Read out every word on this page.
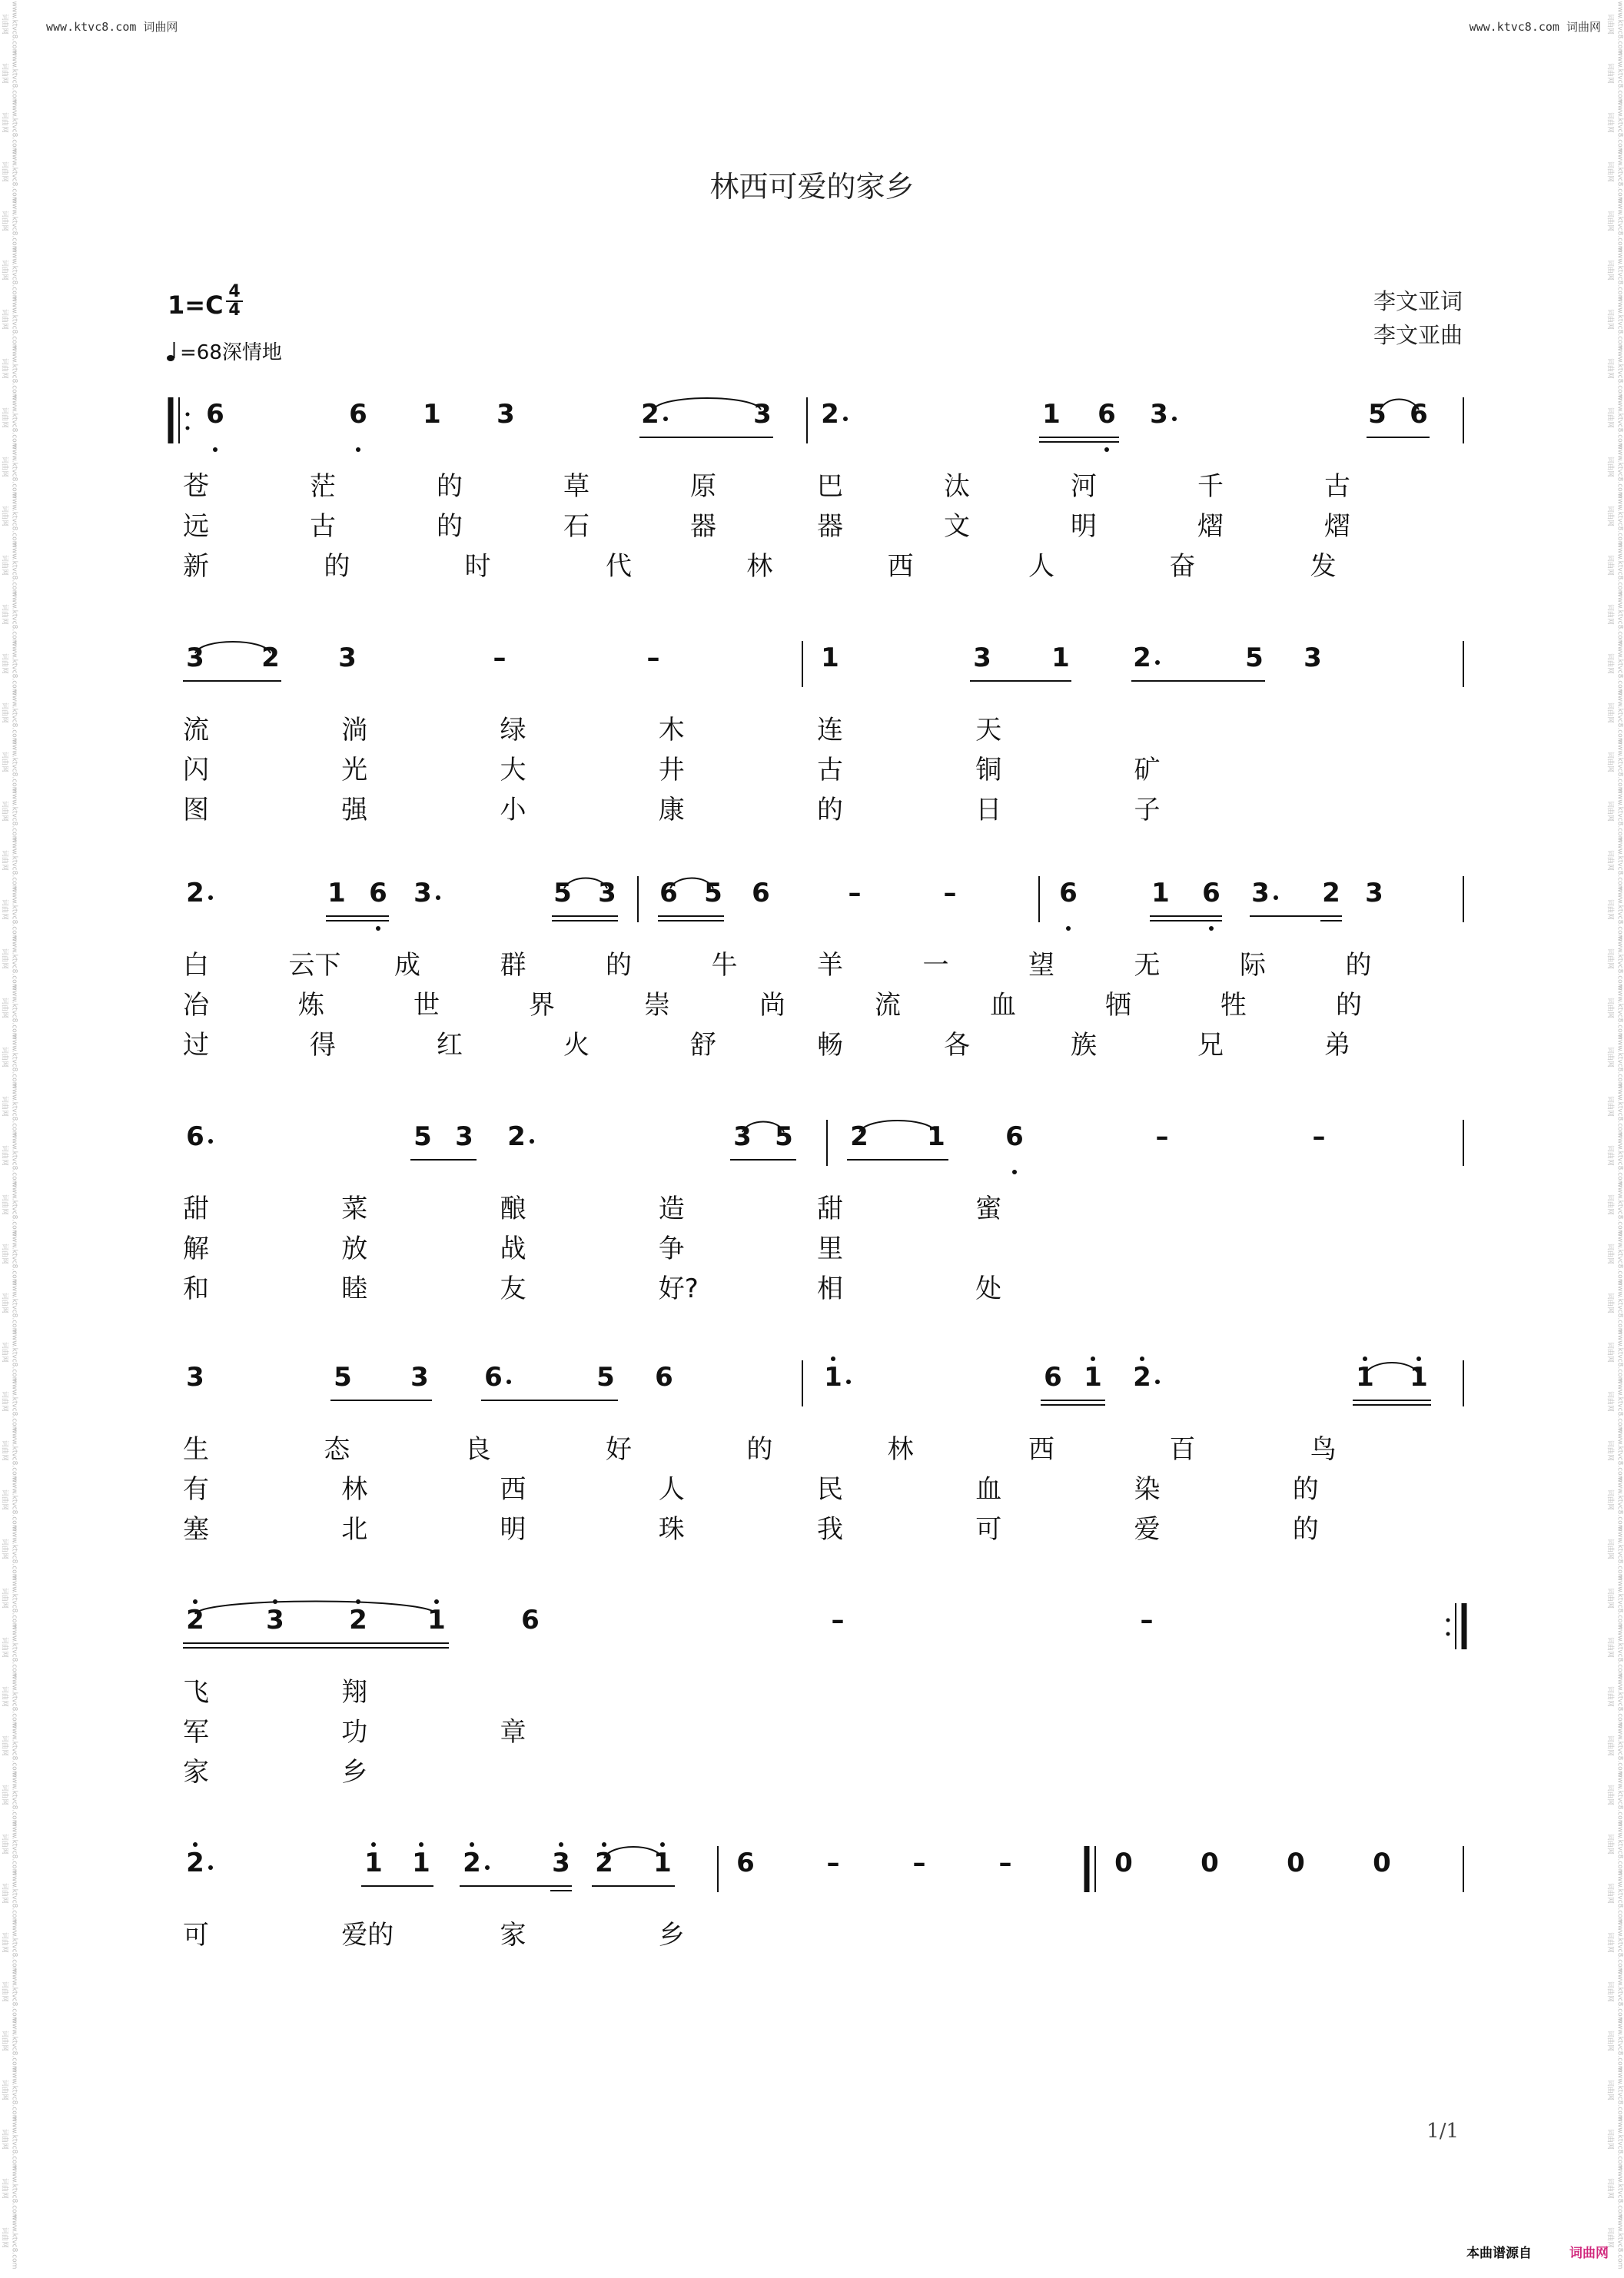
www.ktvc8.com 词曲网	www.ktvc8.com 词曲网
www.ktvc8.com 词曲网
www.ktvc8.com 词曲网
www.ktvc8.com 词曲网
www.ktvc8.com 词曲网
www.ktvc8.com 词曲网
www.ktvc8.com 词曲网
www.ktvc8.com 词曲网
www.ktvc8.com 词曲网
www.ktvc8.com 词曲网
www.ktvc8.com 词曲网
www.ktvc8.com 词曲网
www.ktvc8.com 词曲网
www.ktvc8.com 词曲网
www.ktvc8.com 词曲网
www.ktvc8.com 词曲网
www.ktvc8.com 词曲网
www.ktvc8.com 词曲网
www.ktvc8.com 词曲网
www.ktvc8.com 词曲网
www.ktvc8.com 词曲网
www.ktvc8.com 词曲网
www.ktvc8.com 词曲网
www.ktvc8.com 词曲网
www.ktvc8.com 词曲网
www.ktvc8.com 词曲网
www.ktvc8.com 词曲网
www.ktvc8.com 词曲网
www.ktvc8.com 词曲网
www.ktvc8.com 词曲网
www.ktvc8.com 词曲网
www.ktvc8.com 词曲网
www.ktvc8.com 词曲网
www.ktvc8.com 词曲网
www.ktvc8.com 词曲网
www.ktvc8.com 词曲网
www.ktvc8.com 词曲网
www.ktvc8.com 词曲网
www.ktvc8.com 词曲网
www.ktvc8.com 词曲网
www.ktvc8.com 词曲网
www.ktvc8.com 词曲网
www.ktvc8.com 词曲网
www.ktvc8.com 词曲网
www.ktvc8.com 词曲网
www.ktvc8.com 词曲网
www.ktvc8.com 词曲网
www.ktvc8.com 词曲网
www.ktvc8.com 词曲网
www.ktvc8.com 词曲网
www.ktvc8.com 词曲网
www.ktvc8.com 词曲网
www.ktvc8.com 词曲网
www.ktvc8.com 词曲网
www.ktvc8.com 词曲网
www.ktvc8.com 词曲网
www.ktvc8.com 词曲网
www.ktvc8.com 词曲网
www.ktvc8.com 词曲网
www.ktvc8.com 词曲网
www.ktvc8.com 词曲网
www.ktvc8.com 词曲网
www.ktvc8.com 词曲网
www.ktvc8.com 词曲网
www.ktvc8.com 词曲网
www.ktvc8.com 词曲网
www.ktvc8.com 词曲网
www.ktvc8.com 词曲网
www.ktvc8.com 词曲网
www.ktvc8.com 词曲网
www.ktvc8.com 词曲网
www.ktvc8.com 词曲网
www.ktvc8.com 词曲网
www.ktvc8.com 词曲网
www.ktvc8.com 词曲网
www.ktvc8.com 词曲网
www.ktvc8.com 词曲网
www.ktvc8.com 词曲网
www.ktvc8.com 词曲网
www.ktvc8.com 词曲网
www.ktvc8.com 词曲网
www.ktvc8.com 词曲网
www.ktvc8.com 词曲网
www.ktvc8.com 词曲网
www.ktvc8.com 词曲网
www.ktvc8.com 词曲网
www.ktvc8.com 词曲网
www.ktvc8.com 词曲网
www.ktvc8.com 词曲网
www.ktvc8.com 词曲网
www.ktvc8.com 词曲网
www.ktvc8.com 词曲网
www.ktvc8.com 词曲网
林西可爱的家乡
1=C 4
4
=68深情地
李文亚词
李文亚曲
6	6 1 3	2	3 2	1 6 3	5 6
苍	茫	的	草	原	巴	汰	河	千	古
远	古	的	石	器	器	文	明	熠	熠
新	的	时	代	林	西	人	奋	发
3 2 3	–	–	1	3 1 2	5 3
流	淌	绿	木	连	天
闪	光	大	井	古	铜	矿
图	强	小	康	的	日	子
2	1 6 3	5 3 6 5 6	–	–	6	1 6 3 2 3
白	云下 成	群	的	牛	羊	一	望	无	际	的
冶	炼	世	界	崇	尚	流	血	牺	牲	的
过	得	红	火	舒	畅	各	族	兄	弟
6	5 3 2	3 5 2 1 6	–	–
甜	菜	酿	造	甜	蜜
解	放	战	争	里
和	睦	友	好?	相	处
3	5 3 6	5 6	1	6 1 2	1 1
生	态	良	好	的	林	西	百	鸟
有	林	西	人	民	血	染	的
塞	北	明	珠	我	可	爱	的
2 3 2 1	6	–	–
飞	翔
军	功	章
家	乡
2	1 1 2	3 2 1 6	–	–	–	0	0	0	0
可	爱的	家	乡
1/1
本曲谱源自	词曲网
